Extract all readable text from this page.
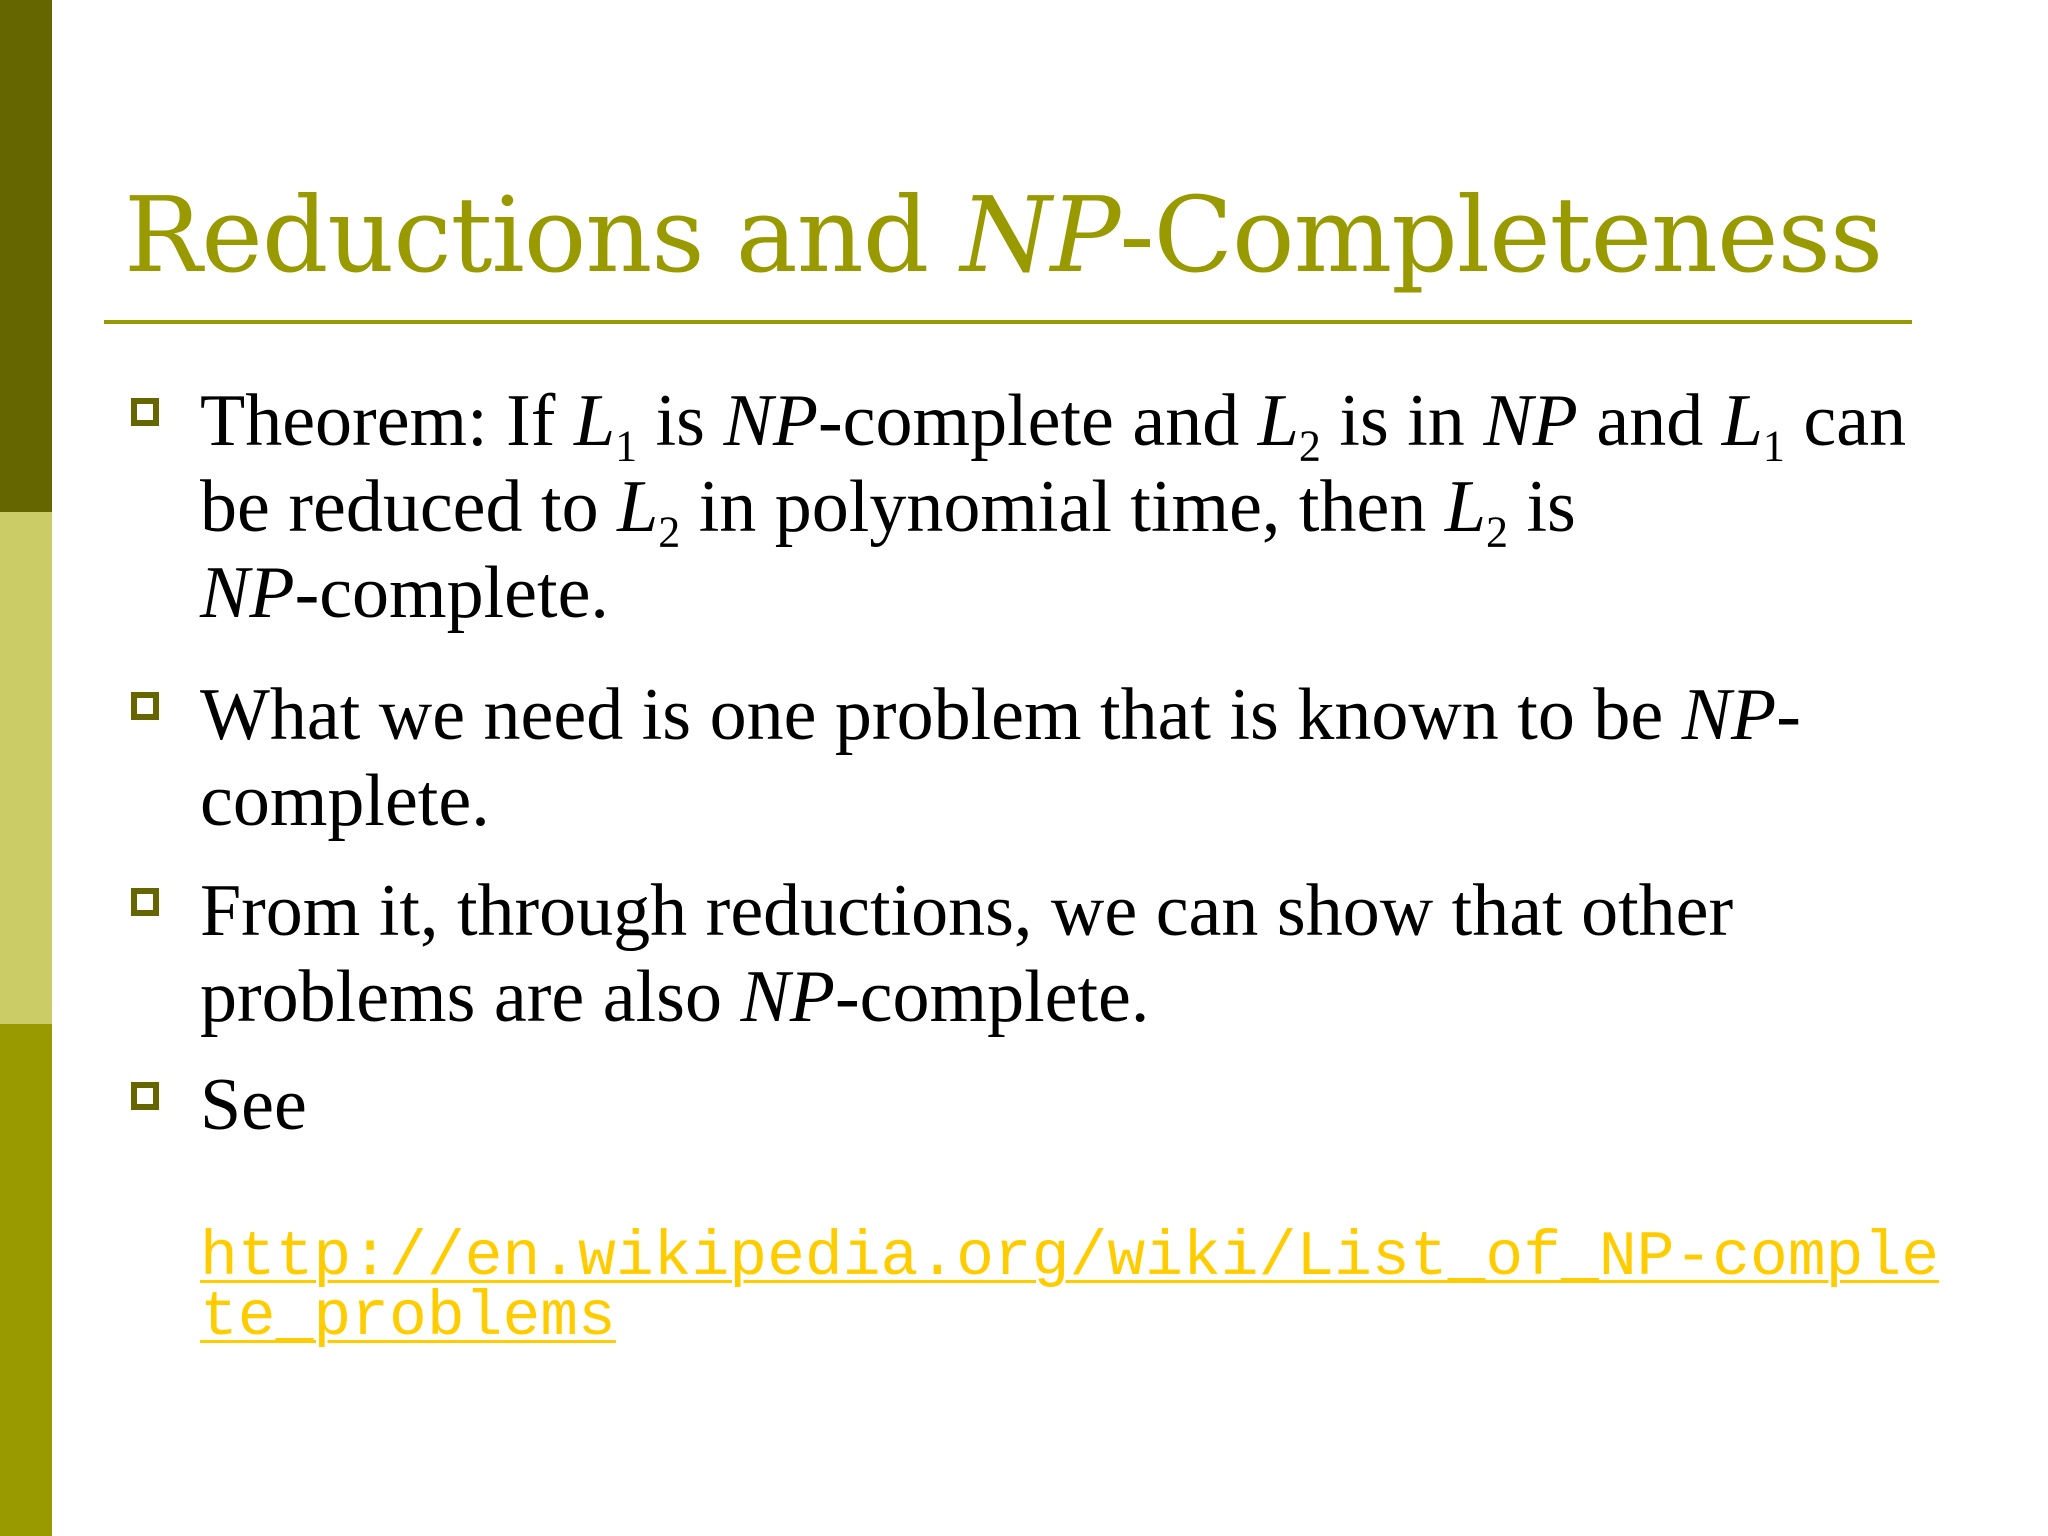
Reductions and NP-Completeness
Theorem: If $L_1$ is NP-complete and $L_2$ is in NP and $L_1$ can be reduced to $L_2$ in polynomial time, then $L_2$ is
NP-complete.
What we need is one problem that is known to be NP-complete.
From it, through reductions, we can show that other problems are also NP-complete.
See
http://en.wikipedia.org/wiki/List_of_NP-complete_problems
